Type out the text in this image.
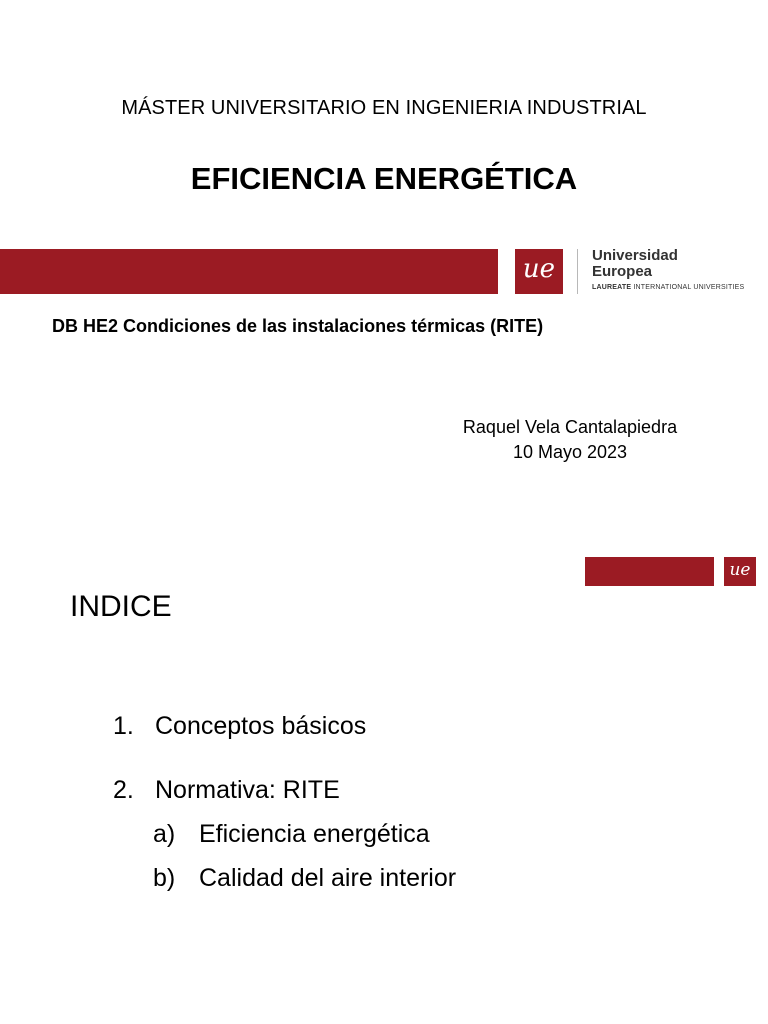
MÁSTER UNIVERSITARIO EN INGENIERIA INDUSTRIAL
EFICIENCIA ENERGÉTICA
ue	Universidad
Europea
LAUREATE INTERNATIONAL UNIVERSITIES
DB HE2 Condiciones de las instalaciones térmicas (RITE)
Raquel Vela Cantalapiedra
10 Mayo 2023
ue
INDICE
1. Conceptos básicos
2. Normativa: RITE
a) Eficiencia energética
b) Calidad del aire interior
